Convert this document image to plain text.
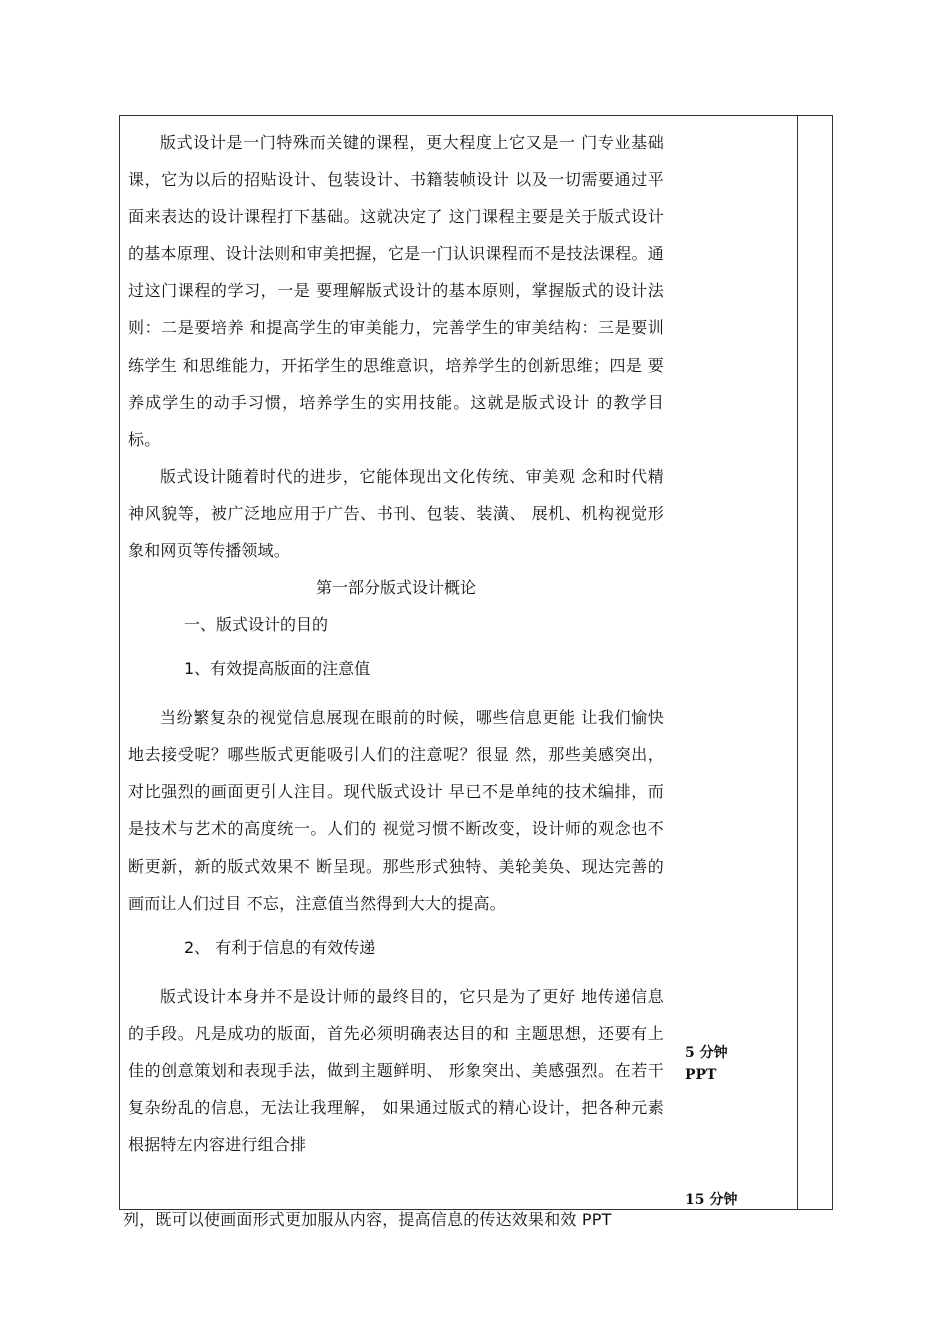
版式设计是一门特殊而关键的课程，更大程度上它又是一 门专业基础课，它为以后的招贴设计、包装设计、书籍装帧设计 以及一切需要通过平面来表达的设计课程打下基础。这就决定了 这门课程主要是关于版式设计的基本原理、设计法则和审美把握，它是一门认识课程而不是技法课程。通过这门课程的学习，一是 要理解版式设计的基本原则，掌握版式的设计法则：二是要培养 和提高学生的审美能力，完善学生的审美结构：三是要训练学生 和思维能力，开拓学生的思维意识，培养学生的创新思维；四是 要养成学生的动手习惯，培养学生的实用技能。这就是版式设计 的教学目标。

版式设计随着时代的进步，它能体现出文化传统、审美观 念和时代精神风貌等，被广泛地应用于广告、书刊、包装、装潢、 展机、机构视觉形象和网页等传播领域。

第一部分版式设计概论

一、版式设计的目的

1、有效提高版面的注意值

当纷繁复杂的视觉信息展现在眼前的时候，哪些信息更能 让我们愉快地去接受呢？哪些版式更能吸引人们的注意呢？很显 然，那些美感突出，对比强烈的画面更引人注目。现代版式设计 早已不是单纯的技术编排，而是技术与艺术的高度统一。人们的 视觉习惯不断改变，设计师的观念也不断更新，新的版式效果不 断呈现。那些形式独特、美轮美奂、现达完善的画而让人们过目 不忘，注意值当然得到大大的提高。

2、 有利于信息的有效传递

版式设计本身并不是设计师的最终目的，它只是为了更好 地传递信息的手段。凡是成功的版面，首先必须明确表达目的和 主题思想，还要有上佳的创意策划和表现手法，做到主题鲜明、 形象突出、美感强烈。在若干复杂纷乱的信息，无法让我理解， 如果通过版式的精心设计，把各种元素根据特左内容进行组合排

5 分钟
PPT
15 分钟
列，既可以使画面形式更加服从内容，提高信息的传达效果和效 PPT
